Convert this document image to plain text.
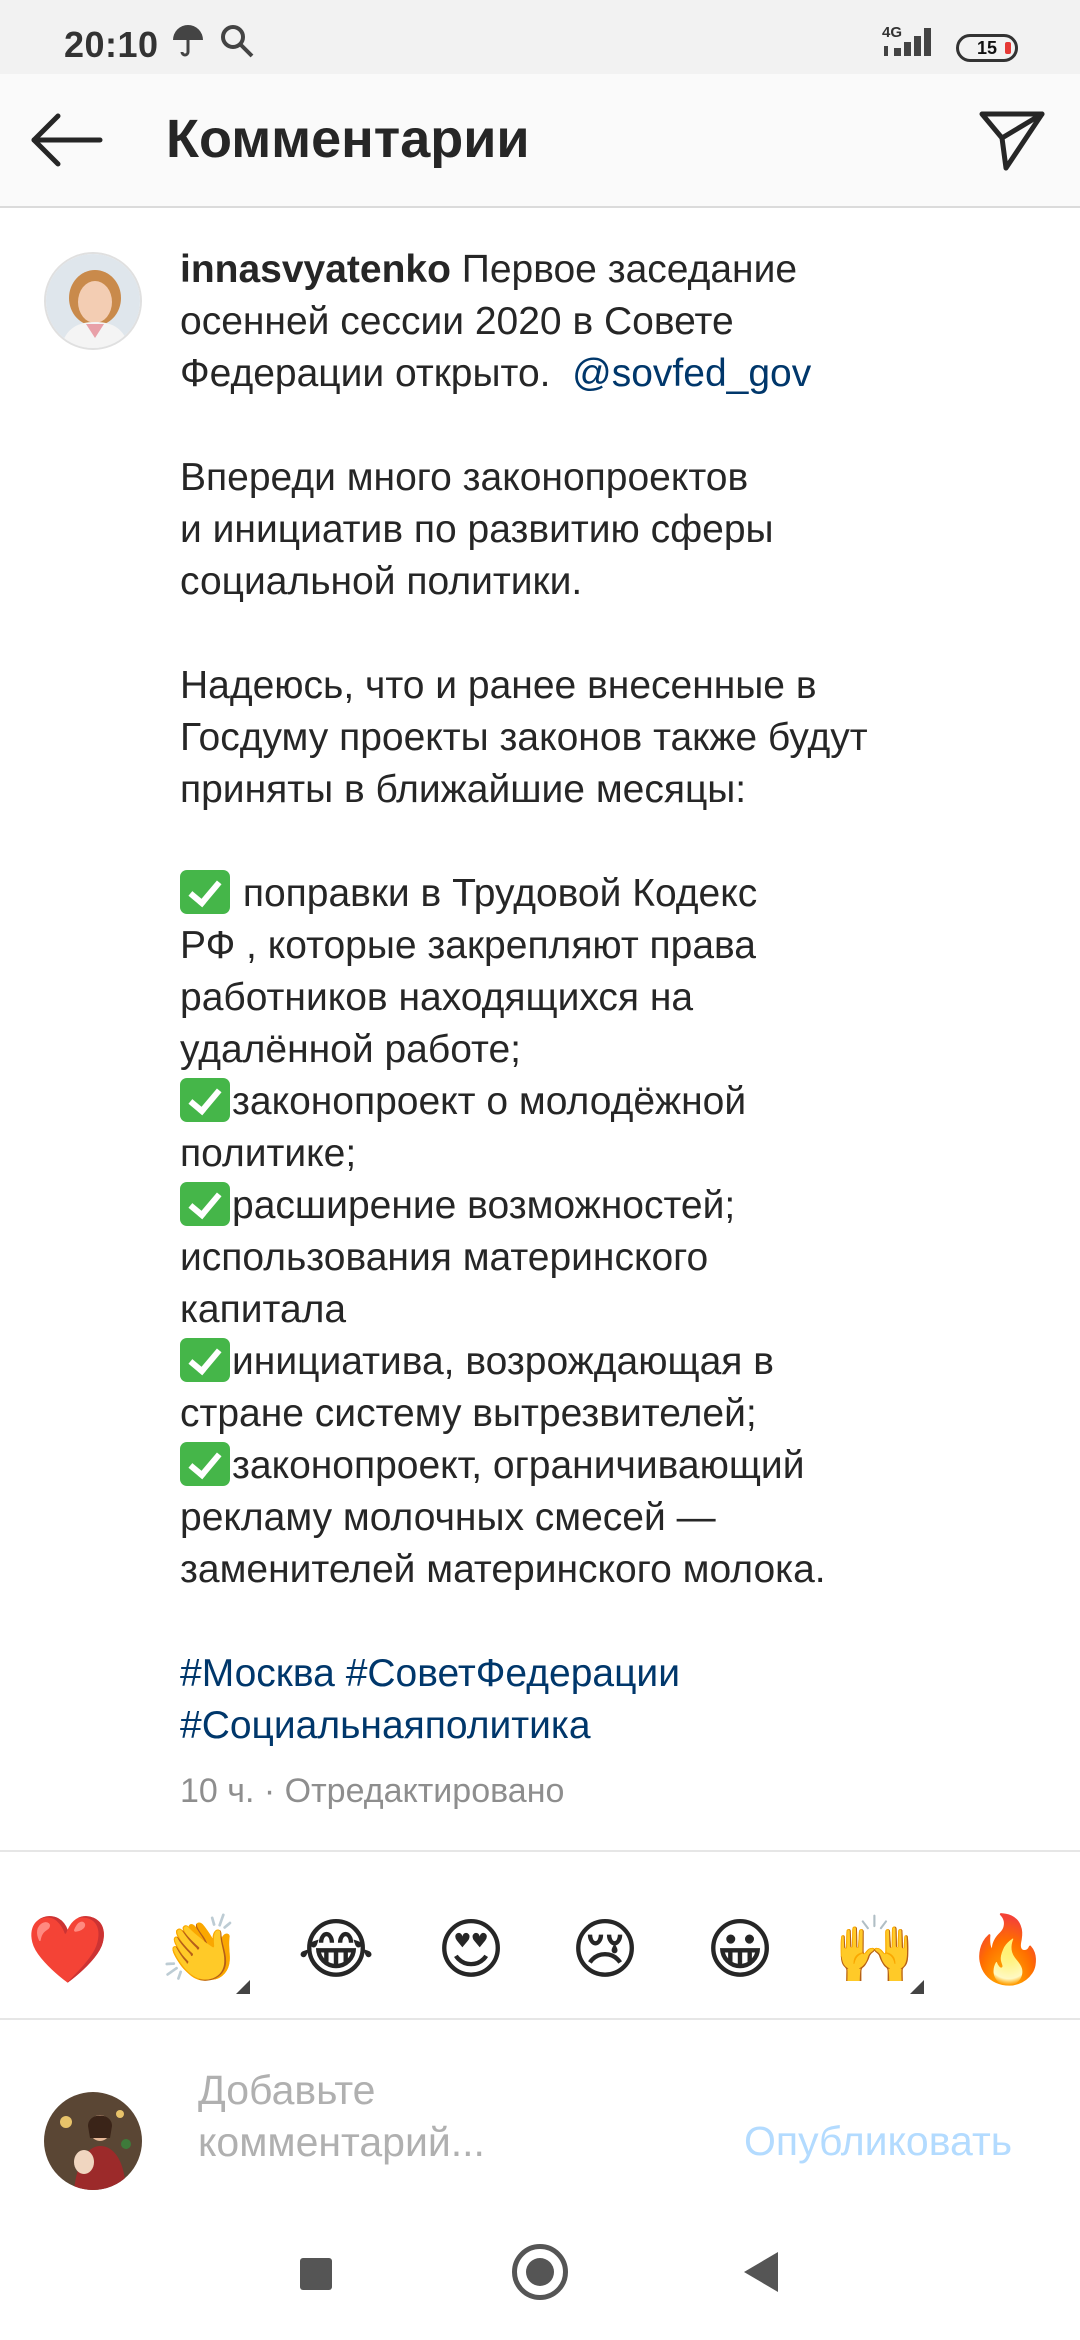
20:10	4G
15
Комментарии
innasvyatenko Первое заседание
осенней сессии 2020 в Совете
Федерации открыто.  @sovfed_gov
Впереди много законопроектов
и инициатив по развитию сферы
социальной политики.
Надеюсь, что и ранее внесенные в
Госдуму проекты законов также будут
приняты в ближайшие месяцы:
поправки в Трудовой Кодекс
РФ , которые закрепляют права
работников находящихся на
удалённой работе;
законопроект о молодёжной
политике;
расширение возможностей;
использования материнского
капитала
инициатива, возрождающая в
стране систему вытрезвителей;
законопроект, ограничивающий
рекламу молочных смесей —
заменителей материнского молока.
#Москва #СоветФедерации
#Социальнаяполитика
10 ч. · Отредактировано
❤️ 👏 😂 😍 😢 😀 🙌 🔥
Добавьте
комментарий...	Опубликовать
